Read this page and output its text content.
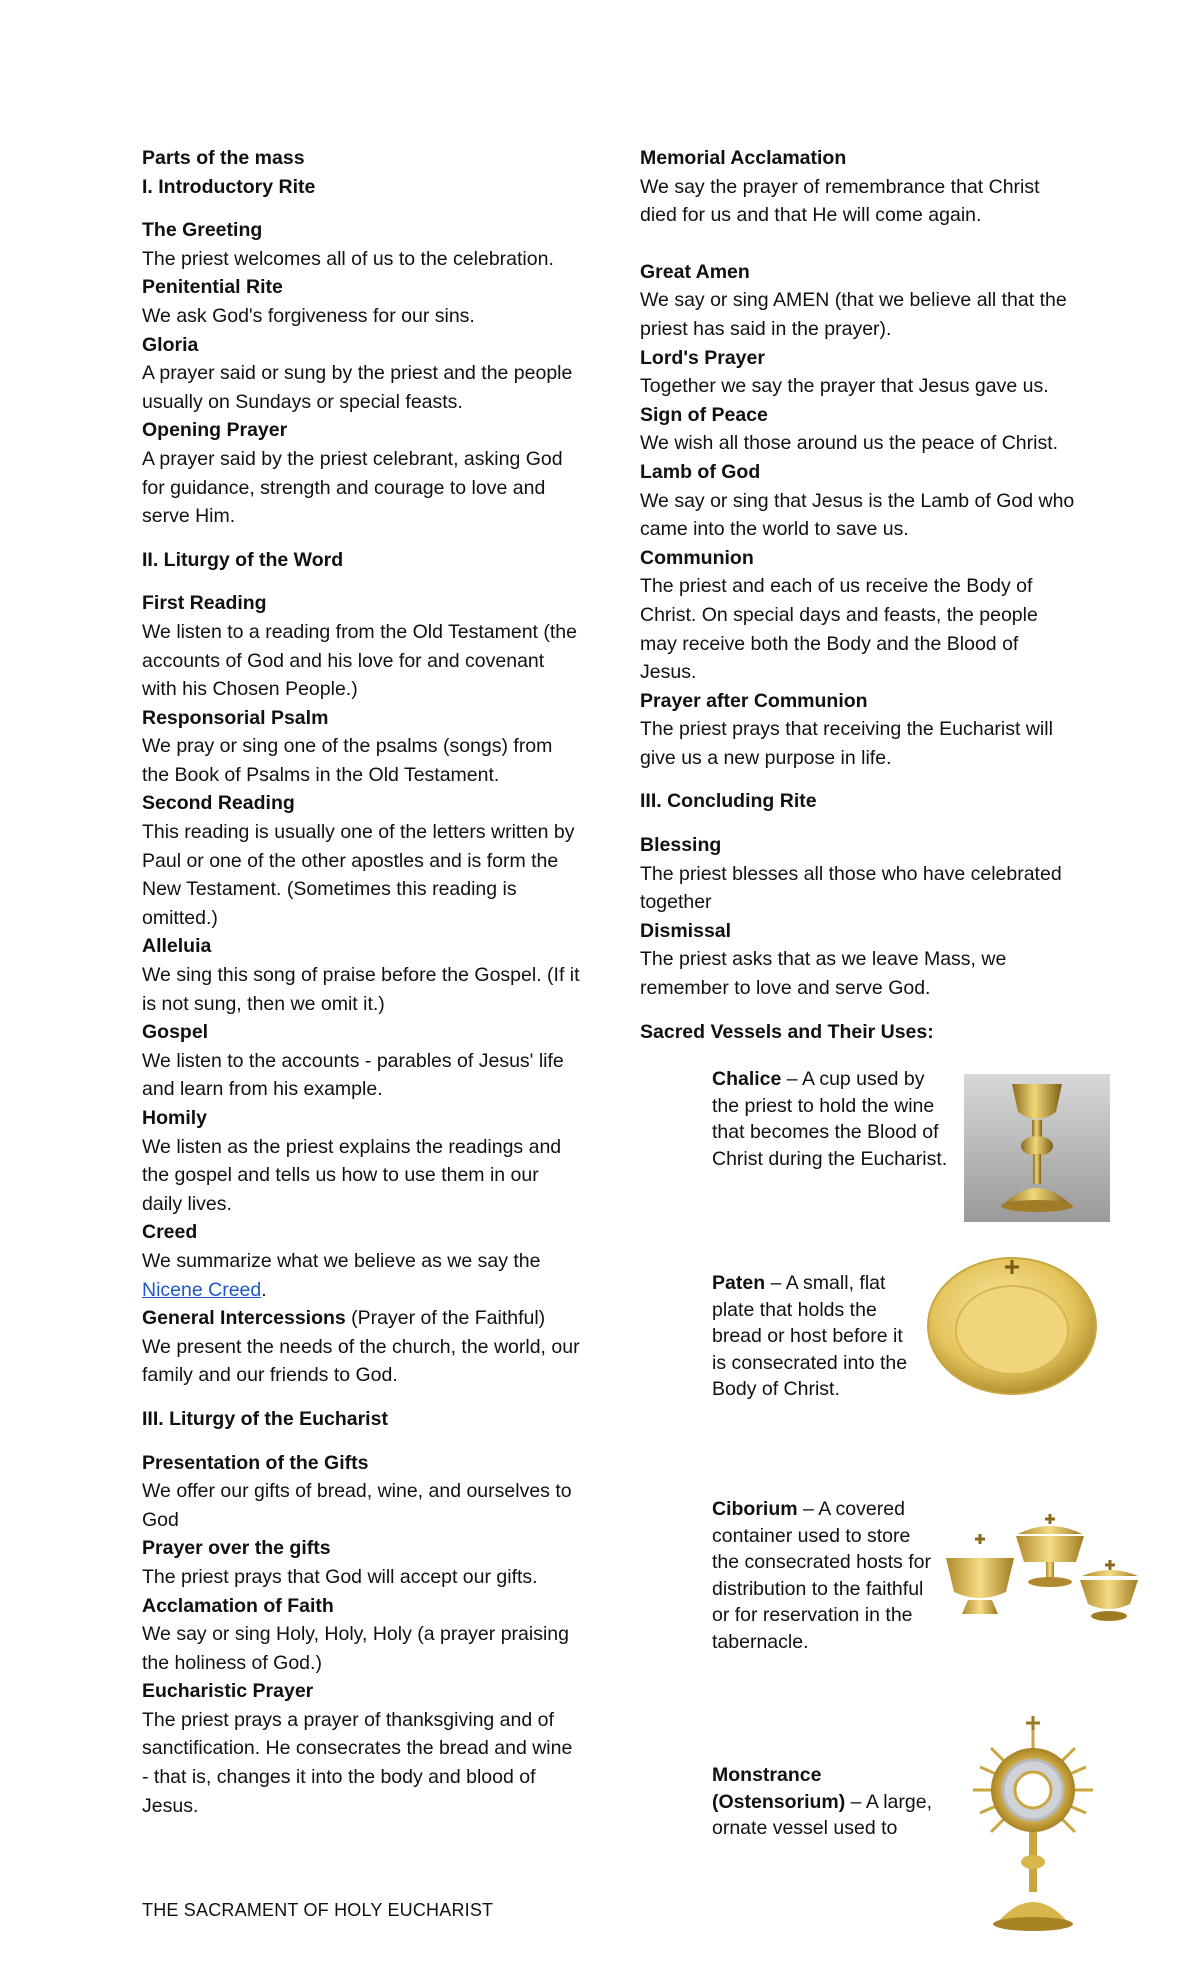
Parts of the mass

I. Introductory Rite

The Greeting

The priest welcomes all of us to the celebration.

Penitential Rite

We ask God's forgiveness for our sins.

Gloria

A prayer said or sung by the priest and the people usually on Sundays or special feasts.

Opening Prayer

A prayer said by the priest celebrant, asking God for guidance, strength and courage to love and serve Him.

II. Liturgy of the Word

First Reading

We listen to a reading from the Old Testament (the accounts of God and his love for and covenant with his Chosen People.)

Responsorial Psalm

We pray or sing one of the psalms (songs) from the Book of Psalms in the Old Testament.

Second Reading

This reading is usually one of the letters written by Paul or one of the other apostles and is form the New Testament. (Sometimes this reading is omitted.)

Alleluia

We sing this song of praise before the Gospel. (If it is not sung, then we omit it.)

Gospel

We listen to the accounts - parables of Jesus' life and learn from his example.

Homily

We listen as the priest explains the readings and the gospel and tells us how to use them in our daily lives.

Creed

We summarize what we believe as we say the Nicene Creed.

General Intercessions (Prayer of the Faithful)

We present the needs of the church, the world, our family and our friends to God.

III. Liturgy of the Eucharist

Presentation of the Gifts

We offer our gifts of bread, wine, and ourselves to God

Prayer over the gifts

The priest prays that God will accept our gifts.

Acclamation of Faith

We say or sing Holy, Holy, Holy (a prayer praising the holiness of God.)

Eucharistic Prayer

The priest prays a prayer of thanksgiving and of sanctification. He consecrates the bread and wine - that is, changes it into the body and blood of Jesus.

Memorial Acclamation

We say the prayer of remembrance that Christ died for us and that He will come again.

Great Amen

We say or sing AMEN (that we believe all that the priest has said in the prayer).

Lord's Prayer

Together we say the prayer that Jesus gave us.

Sign of Peace

We wish all those around us the peace of Christ.

Lamb of God

We say or sing that Jesus is the Lamb of God who came into the world to save us.

Communion

The priest and each of us receive the Body of Christ. On special days and feasts, the people may receive both the Body and the Blood of Jesus.

Prayer after Communion

The priest prays that receiving the Eucharist will give us a new purpose in life.

III. Concluding Rite

Blessing

The priest blesses all those who have celebrated together

Dismissal

The priest asks that as we leave Mass, we remember to love and serve God.

Sacred Vessels and Their Uses:

Chalice – A cup used by the priest to hold the wine that becomes the Blood of Christ during the Eucharist.
Paten – A small, flat plate that holds the bread or host before it is consecrated into the Body of Christ.
Ciborium – A covered container used to store the consecrated hosts for distribution to the faithful or for reservation in the tabernacle.
Monstrance (Ostensorium) – A large, ornate vessel used to
THE SACRAMENT OF HOLY EUCHARIST
